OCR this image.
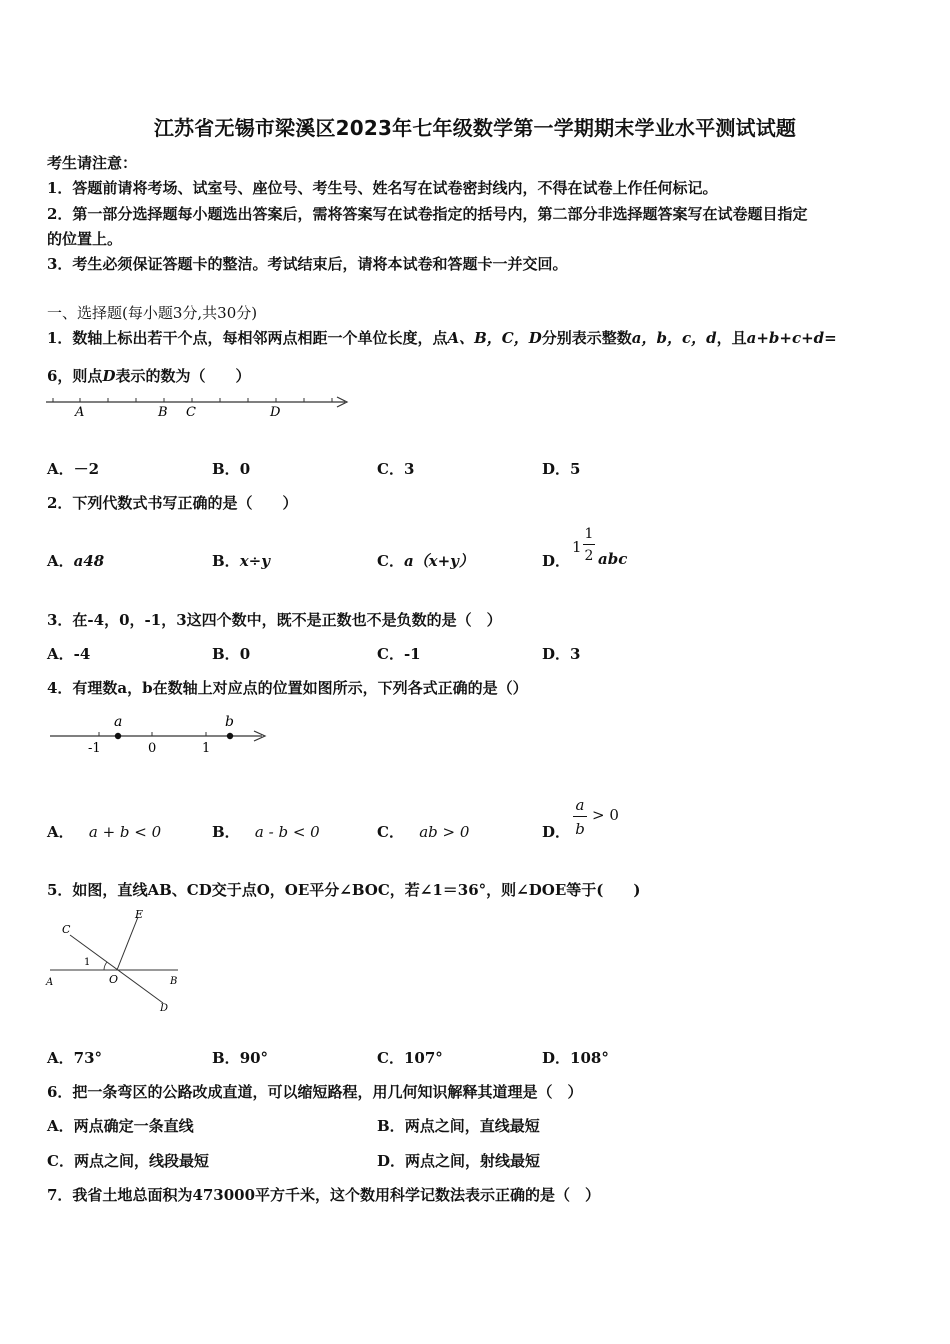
江苏省无锡市梁溪区2023年七年级数学第一学期期末学业水平测试试题
考生请注意：
1．答题前请将考场、试室号、座位号、考生号、姓名写在试卷密封线内，不得在试卷上作任何标记。
2．第一部分选择题每小题选出答案后，需将答案写在试卷指定的括号内，第二部分非选择题答案写在试卷题目指定
的位置上。
3．考生必须保证答题卡的整洁。考试结束后，请将本试卷和答题卡一并交回。
一、选择题(每小题3分,共30分)
1．数轴上标出若干个点，每相邻两点相距一个单位长度，点A、B，C，D分别表示整数a，b，c，d，且a+b+c+d=
6，则点D表示的数为（　　）
A	B C	D
A．－2	B．0	C．3	D．5
2．下列代数式书写正确的是（　　）
A．a48	B．x÷y	C．a（x+y）	D．
1
1
2 abc
3．在-4，0，-1，3这四个数中，既不是正数也不是负数的是（　）
A．-4	B．0	C．-1	D．3
4．有理数a，b在数轴上对应点的位置如图所示，下列各式正确的是（）
a	b
-1	0	1
A． a + b < 0	B． a - b < 0	C． ab > 0	D．
a
b
> 0
5．如图，直线AB、CD交于点O，OE平分∠BOC，若∠1＝36°，则∠DOE等于(　　)
C
E
1
A	O	B
D
A．73°	B．90°	C．107°	D．108°
6．把一条弯区的公路改成直道，可以缩短路程，用几何知识解释其道理是（　）
A．两点确定一条直线	B．两点之间，直线最短
C．两点之间，线段最短	D．两点之间，射线最短
7．我省土地总面积为473000平方千米，这个数用科学记数法表示正确的是（　）
